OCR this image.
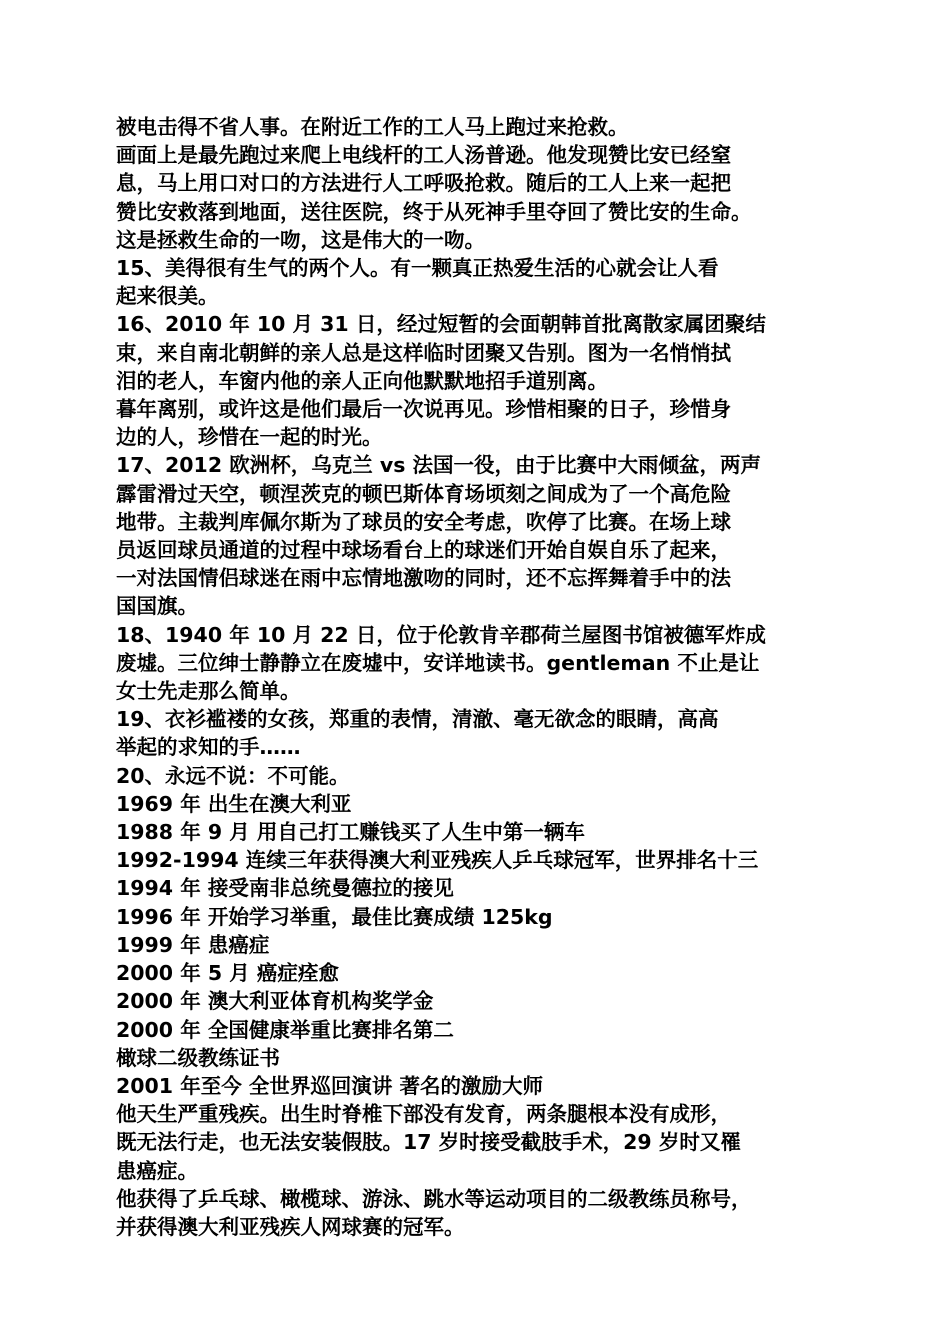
被电击得不省人事。在附近工作的工人马上跑过来抢救。
画面上是最先跑过来爬上电线杆的工人汤普逊。他发现赞比安已经窒
息，马上用口对口的方法进行人工呼吸抢救。随后的工人上来一起把
赞比安救落到地面，送往医院，终于从死神手里夺回了赞比安的生命。
这是拯救生命的一吻，这是伟大的一吻。
15、美得很有生气的两个人。有一颗真正热爱生活的心就会让人看
起来很美。
16、2010 年 10 月 31 日，经过短暂的会面朝韩首批离散家属团聚结
束，来自南北朝鲜的亲人总是这样临时团聚又告别。图为一名悄悄拭
泪的老人，车窗内他的亲人正向他默默地招手道别离。
暮年离别，或许这是他们最后一次说再见。珍惜相聚的日子，珍惜身
边的人，珍惜在一起的时光。
17、2012 欧洲杯，乌克兰 vs 法国一役，由于比赛中大雨倾盆，两声
霹雷滑过天空，顿涅茨克的顿巴斯体育场顷刻之间成为了一个高危险
地带。主裁判库佩尔斯为了球员的安全考虑，吹停了比赛。在场上球
员返回球员通道的过程中球场看台上的球迷们开始自娱自乐了起来，
一对法国情侣球迷在雨中忘情地激吻的同时，还不忘挥舞着手中的法
国国旗。
18、1940 年 10 月 22 日，位于伦敦肯辛郡荷兰屋图书馆被德军炸成
废墟。三位绅士静静立在废墟中，安详地读书。gentleman 不止是让
女士先走那么简单。
19、衣衫褴褛的女孩，郑重的表情，清澈、毫无欲念的眼睛，高高
举起的求知的手……
20、永远不说：不可能。
1969 年 出生在澳大利亚
1988 年 9 月 用自己打工赚钱买了人生中第一辆车
1992-1994 连续三年获得澳大利亚残疾人乒乓球冠军，世界排名十三
1994 年 接受南非总统曼德拉的接见
1996 年 开始学习举重，最佳比赛成绩 125kg
1999 年 患癌症
2000 年 5 月 癌症痊愈
2000 年 澳大利亚体育机构奖学金
2000 年 全国健康举重比赛排名第二
橄球二级教练证书
2001 年至今 全世界巡回演讲 著名的激励大师
他天生严重残疾。出生时脊椎下部没有发育，两条腿根本没有成形，
既无法行走，也无法安装假肢。17 岁时接受截肢手术，29 岁时又罹
患癌症。
他获得了乒乓球、橄榄球、游泳、跳水等运动项目的二级教练员称号，
并获得澳大利亚残疾人网球赛的冠军。
